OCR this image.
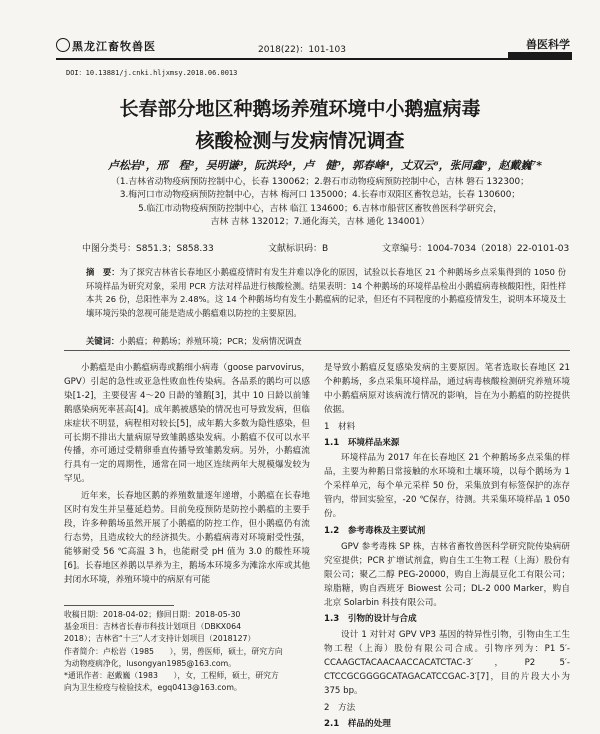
黑龙江畜牧兽医	2018(22)：101-103	兽医科学
DOI：10.13881/j.cnki.hljxmsy.2018.06.0013
长春部分地区种鹅场养殖环境中小鹅瘟病毒
核酸检测与发病情况调查
卢松岩¹，邢　程²，吴明谦³，阮洪玲⁴，卢　健⁵，郭春峰⁴，丈双云⁶，张同鑫⁶，赵戴巍⁷*
（1.吉林省动物疫病预防控制中心，长春 130062；2.磐石市动物疫病预防控制中心，吉林 磐石 132300；
3.梅河口市动物疫病预防控制中心，吉林 梅河口 135000；4.长春市双阳区畜牧总站，长春 130600；
5.临江市动物疫病预防控制中心，吉林 临江 134600；6.吉林市船营区畜牧兽医科学研究会，
吉林 吉林 132012；7.通化海关，吉林 通化 134001）
中图分类号：S851.3；S858.33	文献标识码：B	文章编号：1004-7034（2018）22-0101-03
摘　要：为了探究吉林省长春地区小鹅瘟疫情时有发生并难以净化的原因，试验以长春地区 21 个种鹅场乡点采集得到的 1050 份环境样品为研究对象，采用 PCR 方法对样品进行核酸检测。结果表明：14 个种鹅场的环境样品检出小鹅瘟病毒核酸阳性，阳性样本共 26 份，总阳性率为 2.48%。这 14 个种鹅场均有发生小鹅瘟病的记录，但还有不同程度的小鹅瘟疫情发生，说明本环境及土壤环境污染的忽视可能是造成小鹅瘟难以防控的主要原因。
关键词：小鹅瘟；种鹅场；养殖环境；PCR；发病情况调查

小鹅瘟是由小鹅瘟病毒或鹅细小病毒（goose parvovirus，GPV）引起的急性或亚急性败血性传染病。各品系的鹅均可以感染[1-2]，主要侵害 4～20 日龄的雏鹅[3]，其中 10 日龄以前雏鹅感染病死率甚高[4]。成年鹅被感染的情况也可导致发病，但临床症状不明显，病程相对较长[5]，成年鹅大多数为隐性感染，但可长期不排出大量病原导致雏鹅感染发病。小鹅瘟不仅可以水平传播，亦可通过受精卵垂直传播导致雏鹅发病。另外，小鹅瘟流行具有一定的周期性，通常在同一地区连续两年大规模爆发较为罕见。

近年来，长春地区鹅的养殖数量逐年递增，小鹅瘟在长春地区时有发生并呈蔓延趋势。目前免疫预防是防控小鹅瘟的主要手段，许多种鹅场虽然开展了小鹅瘟的防控工作，但小鹅瘟仍有流行态势，且造成较大的经济损失。小鹅瘟病毒对环境耐受性强，能够耐受 56 ℃高温 3 h，也能耐受 pH 值为 3.0 的酸性环境[6]。长春地区养鹅以旱养为主，鹅场本环境多为滩涂水库或其他封闭水环境，养殖环境中的病原有可能

是导致小鹅瘟反复感染发病的主要原因。笔者选取长春地区 21 个种鹅场，多点采集环境样品，通过病毒核酸检测研究养殖环境中小鹅瘟病原对该病流行情况的影响，旨在为小鹅瘟的防控提供依据。

1　材料

1.1　环境样品来源

环境样品为 2017 年在长春地区 21 个种鹅场多点采集的样品，主要为种鹅日常接触的水环境和土壤环境，以每个鹅场为 1 个采样单元，每个单元采样 50 份，采集放到有标签保护的冻存管内，带回实验室，-20 ℃保存，待测。共采集环境样品 1 050 份。

1.2　参考毒株及主要试剂

GPV 参考毒株 SP 株，吉林省畜牧兽医科学研究院传染病研究室提供；PCR 扩增试剂盒，购自生工生物工程（上海）股份有限公司；聚乙二醇 PEG-20000，购自上海晨豆化工有限公司；琼脂糖，购自西班牙 Biowest 公司；DL-2 000 Marker，购自北京 Solarbin 科技有限公司。

1.3　引物的设计与合成

设计 1 对针对 GPV VP3 基因的特异性引物，引物由生工生物工程（上海）股份有限公司合成。引物序列为：P1 5′-CCAAGCTACAACAACCACATCTAC-3′，P2 5′-CTCCGCGGGGCATAGACATCCGAC-3′[7]，目的片段大小为 375 bp。

2　方法

2.1　样品的处理

收稿日期：2018-04-02；修回日期：2018-05-30
基金项目：吉林省长春市科技计划项目（DBKX064
2018）；吉林省“十三”人才支持计划项目（2018127）
作者简介：卢松岩（1985　　），男，兽医师，硕士，研究方向
为动物疫病净化，lusongyan1985@163.com。
*通讯作者：赵戴巍（1983　　），女，工程师，硕士，研究方
向为卫生检疫与检验技术，egq0413@163.com。
